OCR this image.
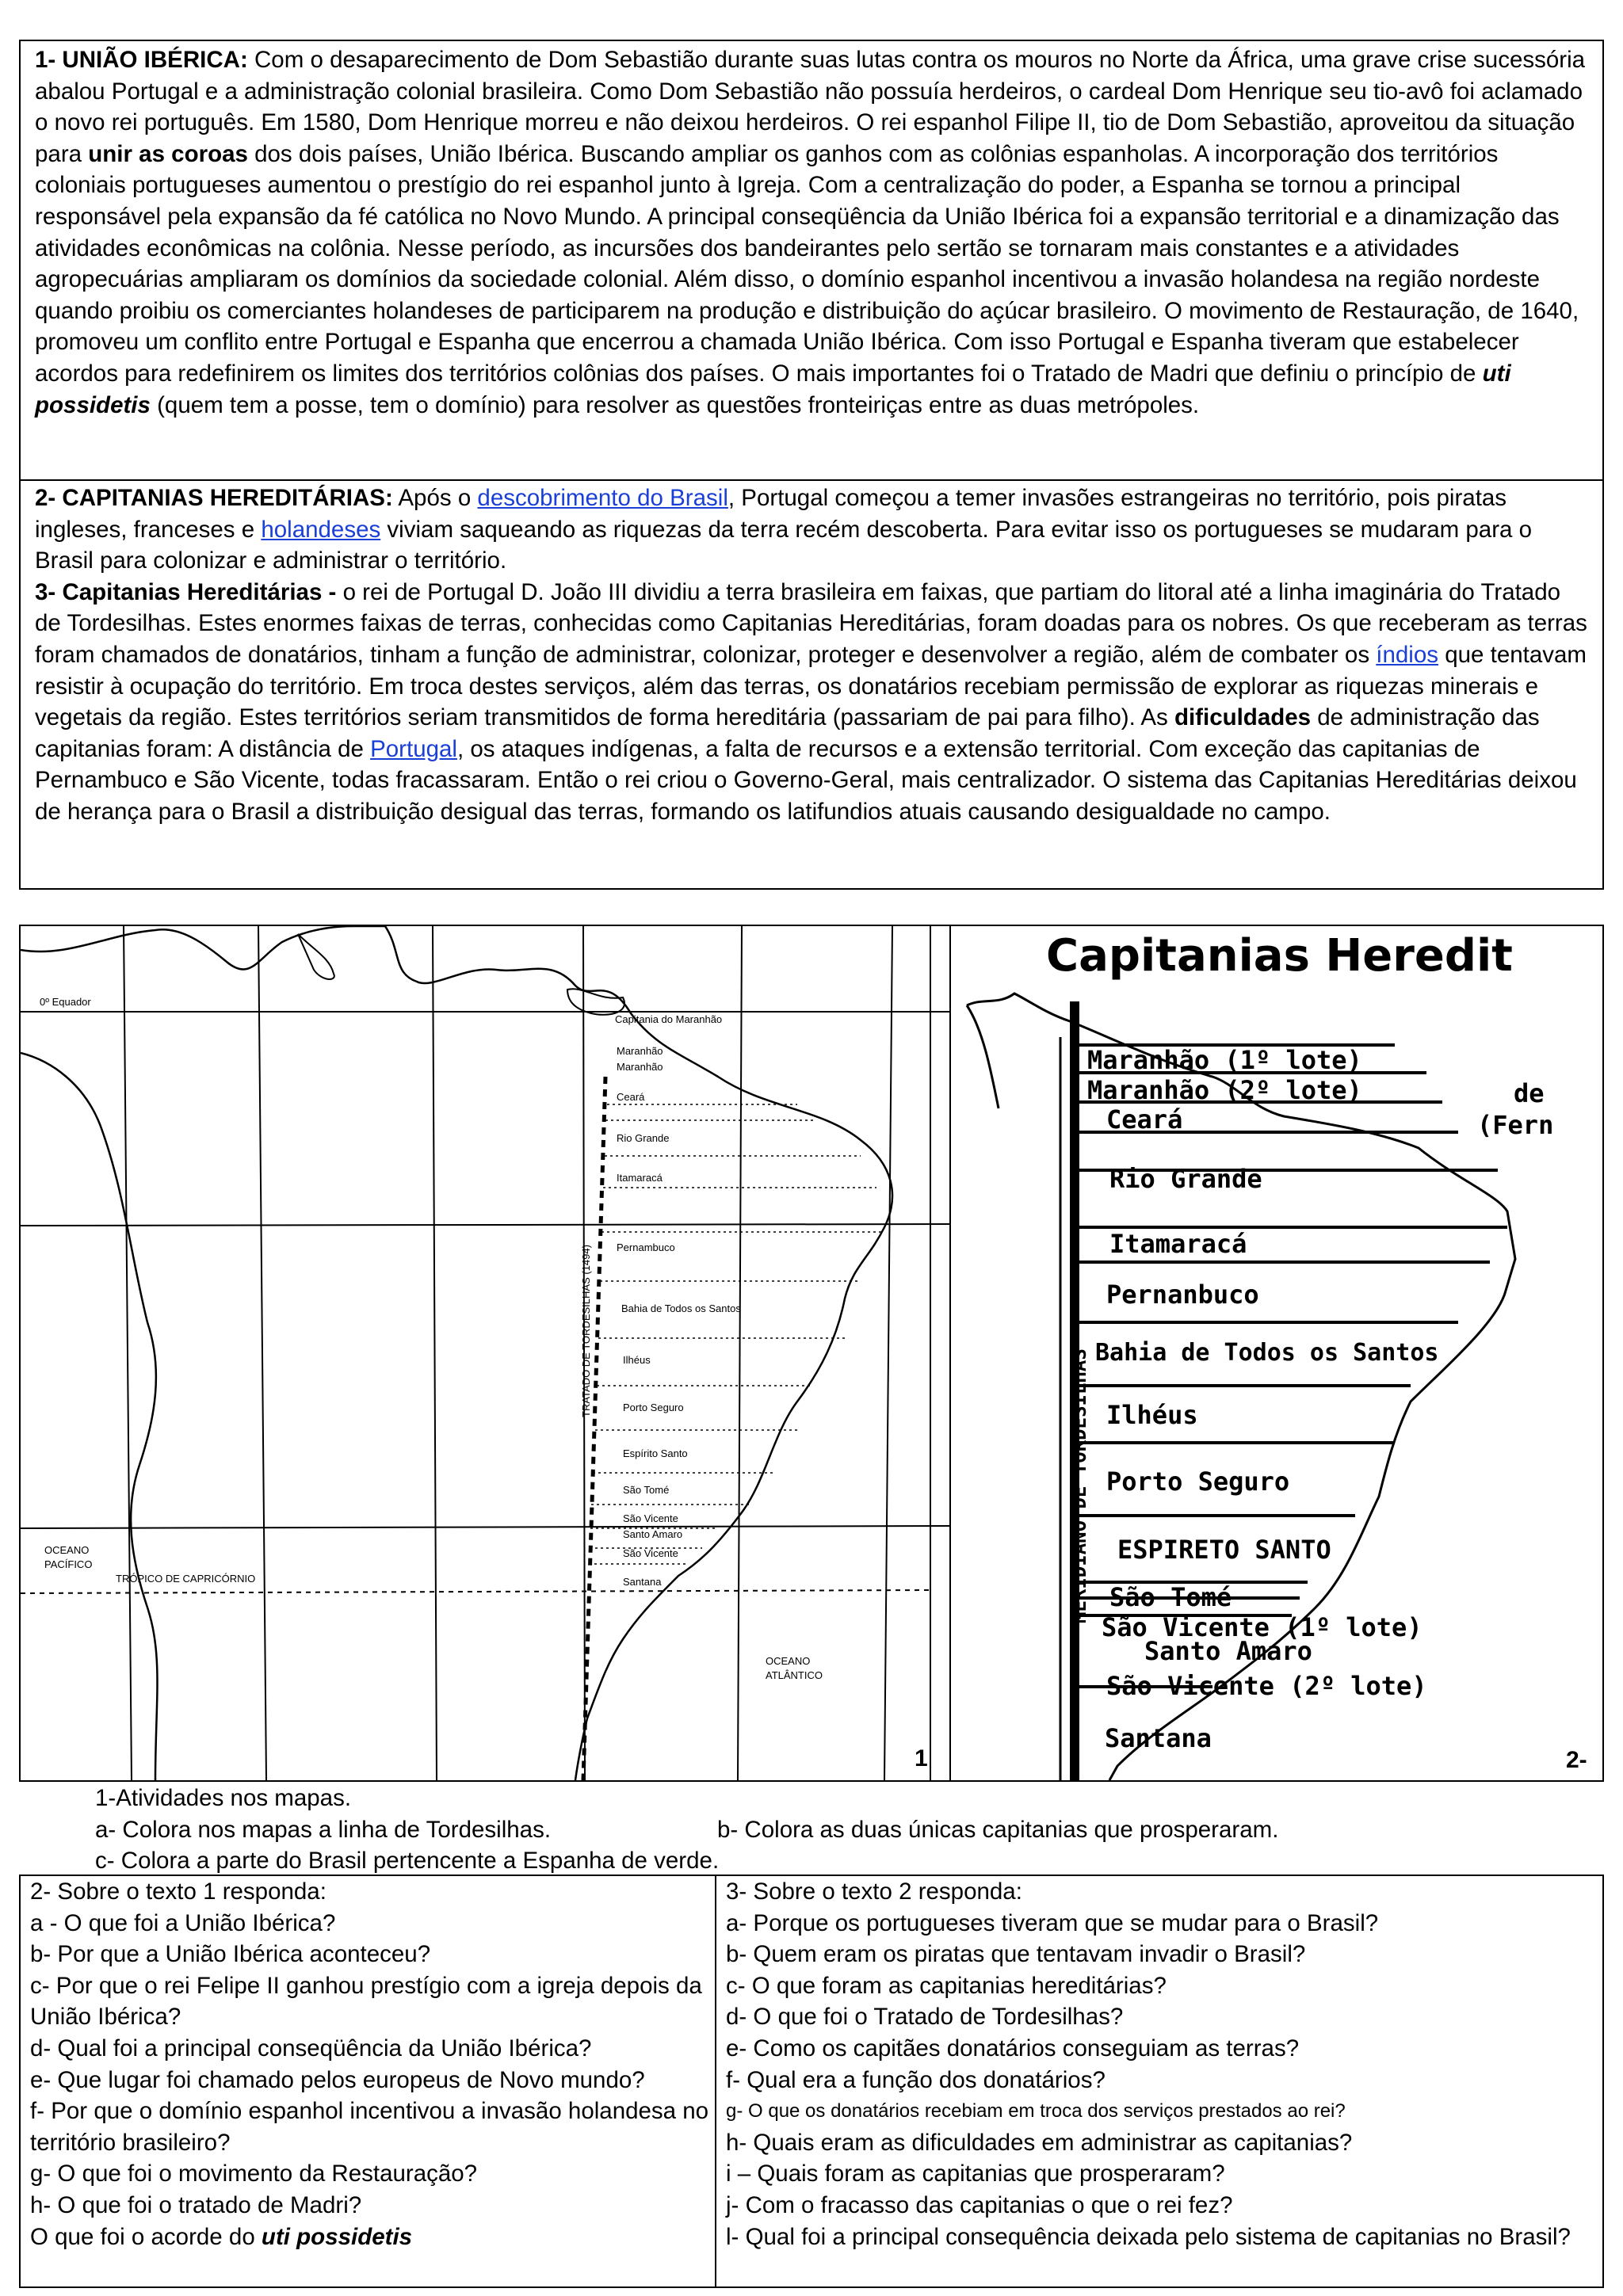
1- UNIÃO IBÉRICA: Com o desaparecimento de Dom Sebastião durante suas lutas contra os mouros no Norte da África, uma grave crise sucessória abalou Portugal e a administração colonial brasileira. Como Dom Sebastião não possuía herdeiros, o cardeal Dom Henrique seu tio-avô foi aclamado o novo rei português. Em 1580, Dom Henrique morreu e não deixou herdeiros. O rei espanhol Filipe II, tio de Dom Sebastião, aproveitou da situação para unir as coroas dos dois países, União Ibérica. Buscando ampliar os ganhos com as colônias espanholas. A incorporação dos territórios coloniais portugueses aumentou o prestígio do rei espanhol junto à Igreja. Com a centralização do poder, a Espanha se tornou a principal responsável pela expansão da fé católica no Novo Mundo. A principal conseqüência da União Ibérica foi a expansão territorial e a dinamização das atividades econômicas na colônia. Nesse período, as incursões dos bandeirantes pelo sertão se tornaram mais constantes e a atividades agropecuárias ampliaram os domínios da sociedade colonial. Além disso, o domínio espanhol incentivou a invasão holandesa na região nordeste quando proibiu os comerciantes holandeses de participarem na produção e distribuição do açúcar brasileiro. O movimento de Restauração, de 1640, promoveu um conflito entre Portugal e Espanha que encerrou a chamada União Ibérica. Com isso Portugal e Espanha tiveram que estabelecer acordos para redefinirem os limites dos territórios colônias dos países. O mais importantes foi o Tratado de Madri que definiu o princípio de uti possidetis (quem tem a posse, tem o domínio) para resolver as questões fronteiriças entre as duas metrópoles.

2- CAPITANIAS HEREDITÁRIAS: Após o descobrimento do Brasil, Portugal começou a temer invasões estrangeiras no território, pois piratas ingleses, franceses e holandeses viviam saqueando as riquezas da terra recém descoberta. Para evitar isso os portugueses se mudaram para o Brasil para colonizar e administrar o território.

3- Capitanias Hereditárias - o rei de Portugal D. João III dividiu a terra brasileira em faixas, que partiam do litoral até a linha imaginária do Tratado de Tordesilhas. Estes enormes faixas de terras, conhecidas como Capitanias Hereditárias, foram doadas para os nobres. Os que receberam as terras foram chamados de donatários, tinham a função de administrar, colonizar, proteger e desenvolver a região, além de combater os índios que tentavam resistir à ocupação do território. Em troca destes serviços, além das terras, os donatários recebiam permissão de explorar as riquezas minerais e vegetais da região. Estes territórios seriam transmitidos de forma hereditária (passariam de pai para filho). As dificuldades de administração das capitanias foram: A distância de Portugal, os ataques indígenas, a falta de recursos e a extensão territorial. Com exceção das capitanias de Pernambuco e São Vicente, todas fracassaram. Então o rei criou o Governo-Geral, mais centralizador. O sistema das Capitanias Hereditárias deixou de herança para o Brasil a distribuição desigual das terras, formando os latifundios atuais causando desigualdade no campo.

0º Equador
TRATADO DE TORDESILHAS (1494)
Capitania do Maranhão
Maranhão
Maranhão
Ceará
Rio Grande
Itamaracá
Pernambuco
Bahia de Todos os Santos
Ilhéus
Porto Seguro
Espírito Santo
São Tomé
São Vicente
Santo Amaro
São Vicente
Santana
OCEANO
PACÍFICO
TRÓPICO DE CAPRICÓRNIO
OCEANO
ATLÂNTICO
1
Capitanias Heredit
MERIDIANO DE TORDESILHAS
Maranhão (1º lote)
Maranhão (2º lote)
Ceará
Rio Grande
Itamaracá
Pernanbuco
Bahia de Todos os Santos
Ilhéus
Porto Seguro
ESPIRETO SANTO
São Tomé
São Vicente (1º lote)
Santo Amaro
São Vicente (2º lote)
Santana
de
(Fern
2-
1-Atividades nos mapas.
a- Colora nos mapas a linha de Tordesilhas.	b- Colora as duas únicas capitanias que prosperaram.
c- Colora a parte do Brasil pertencente a Espanha de verde.
2- Sobre o texto 1 responda:
a - O que foi a União Ibérica?
b- Por que a União Ibérica aconteceu?
c- Por que o rei Felipe II ganhou prestígio com a igreja depois da União Ibérica?
d- Qual foi a principal conseqüência da União Ibérica?
e- Que lugar foi chamado pelos europeus de Novo mundo?
f- Por que o domínio espanhol incentivou a invasão holandesa no território brasileiro?
g- O que foi o movimento da Restauração?
h- O que foi o tratado de Madri?
O que foi o acorde do uti possidetis
3- Sobre o texto 2 responda:
a- Porque os portugueses tiveram que se mudar para o Brasil?
b- Quem eram os piratas que tentavam invadir o Brasil?
c- O que foram as capitanias hereditárias?
d- O que foi o Tratado de Tordesilhas?
e- Como os capitães donatários conseguiam as terras?
f- Qual era a função dos donatários?
g- O que os donatários recebiam em troca dos serviços prestados ao rei?
h- Quais eram as dificuldades em administrar as capitanias?
i – Quais foram as capitanias que prosperaram?
j- Com o fracasso das capitanias o que o rei fez?
l- Qual foi a principal consequência deixada pelo sistema de capitanias no Brasil?
